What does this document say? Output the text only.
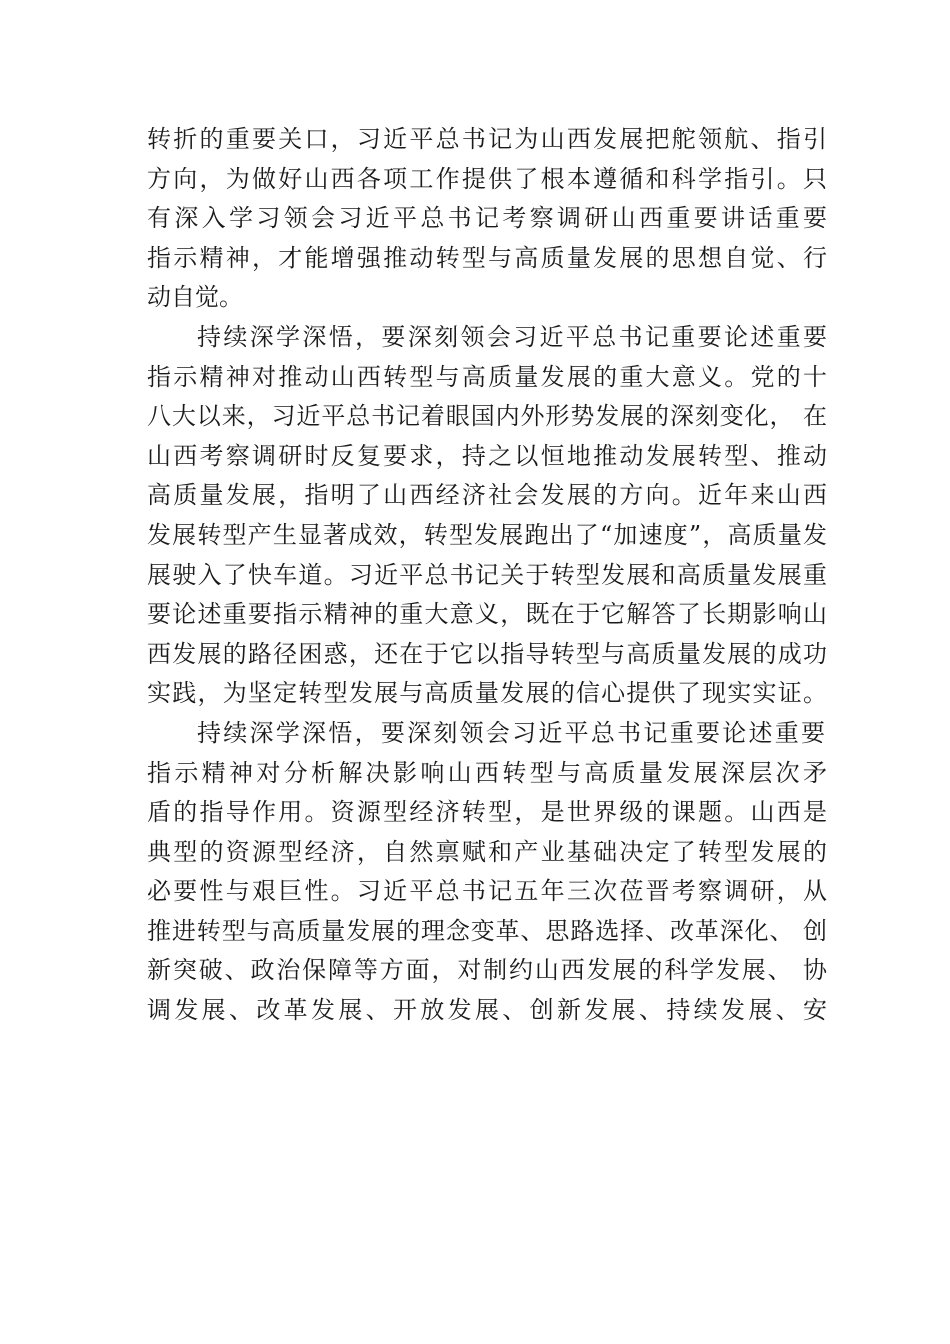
转折的重要关口，习近平总书记为山西发展把舵领航、指引
方向，为做好山西各项工作提供了根本遵循和科学指引。只
有深入学习领会习近平总书记考察调研山西重要讲话重要
指示精神，才能增强推动转型与高质量发展的思想自觉、行
动自觉。
持续深学深悟，要深刻领会习近平总书记重要论述重要
指示精神对推动山西转型与高质量发展的重大意义。党的十
八大以来，习近平总书记着眼国内外形势发展的深刻变化， 在
山西考察调研时反复要求，持之以恒地推动发展转型、推动
高质量发展，指明了山西经济社会发展的方向。近年来山西
发展转型产生显著成效，转型发展跑出了“加速度”，高质量发
展驶入了快车道。习近平总书记关于转型发展和高质量发展重
要论述重要指示精神的重大意义，既在于它解答了长期影响山
西发展的路径困惑，还在于它以指导转型与高质量发展的成功
实践，为坚定转型发展与高质量发展的信心提供了现实实证。
持续深学深悟，要深刻领会习近平总书记重要论述重要
指示精神对分析解决影响山西转型与高质量发展深层次矛
盾的指导作用。资源型经济转型，是世界级的课题。山西是
典型的资源型经济，自然禀赋和产业基础决定了转型发展的
必要性与艰巨性。习近平总书记五年三次莅晋考察调研，从
推进转型与高质量发展的理念变革、思路选择、改革深化、 创
新突破、政治保障等方面，对制约山西发展的科学发展、 协
调发展、改革发展、开放发展、创新发展、持续发展、安
